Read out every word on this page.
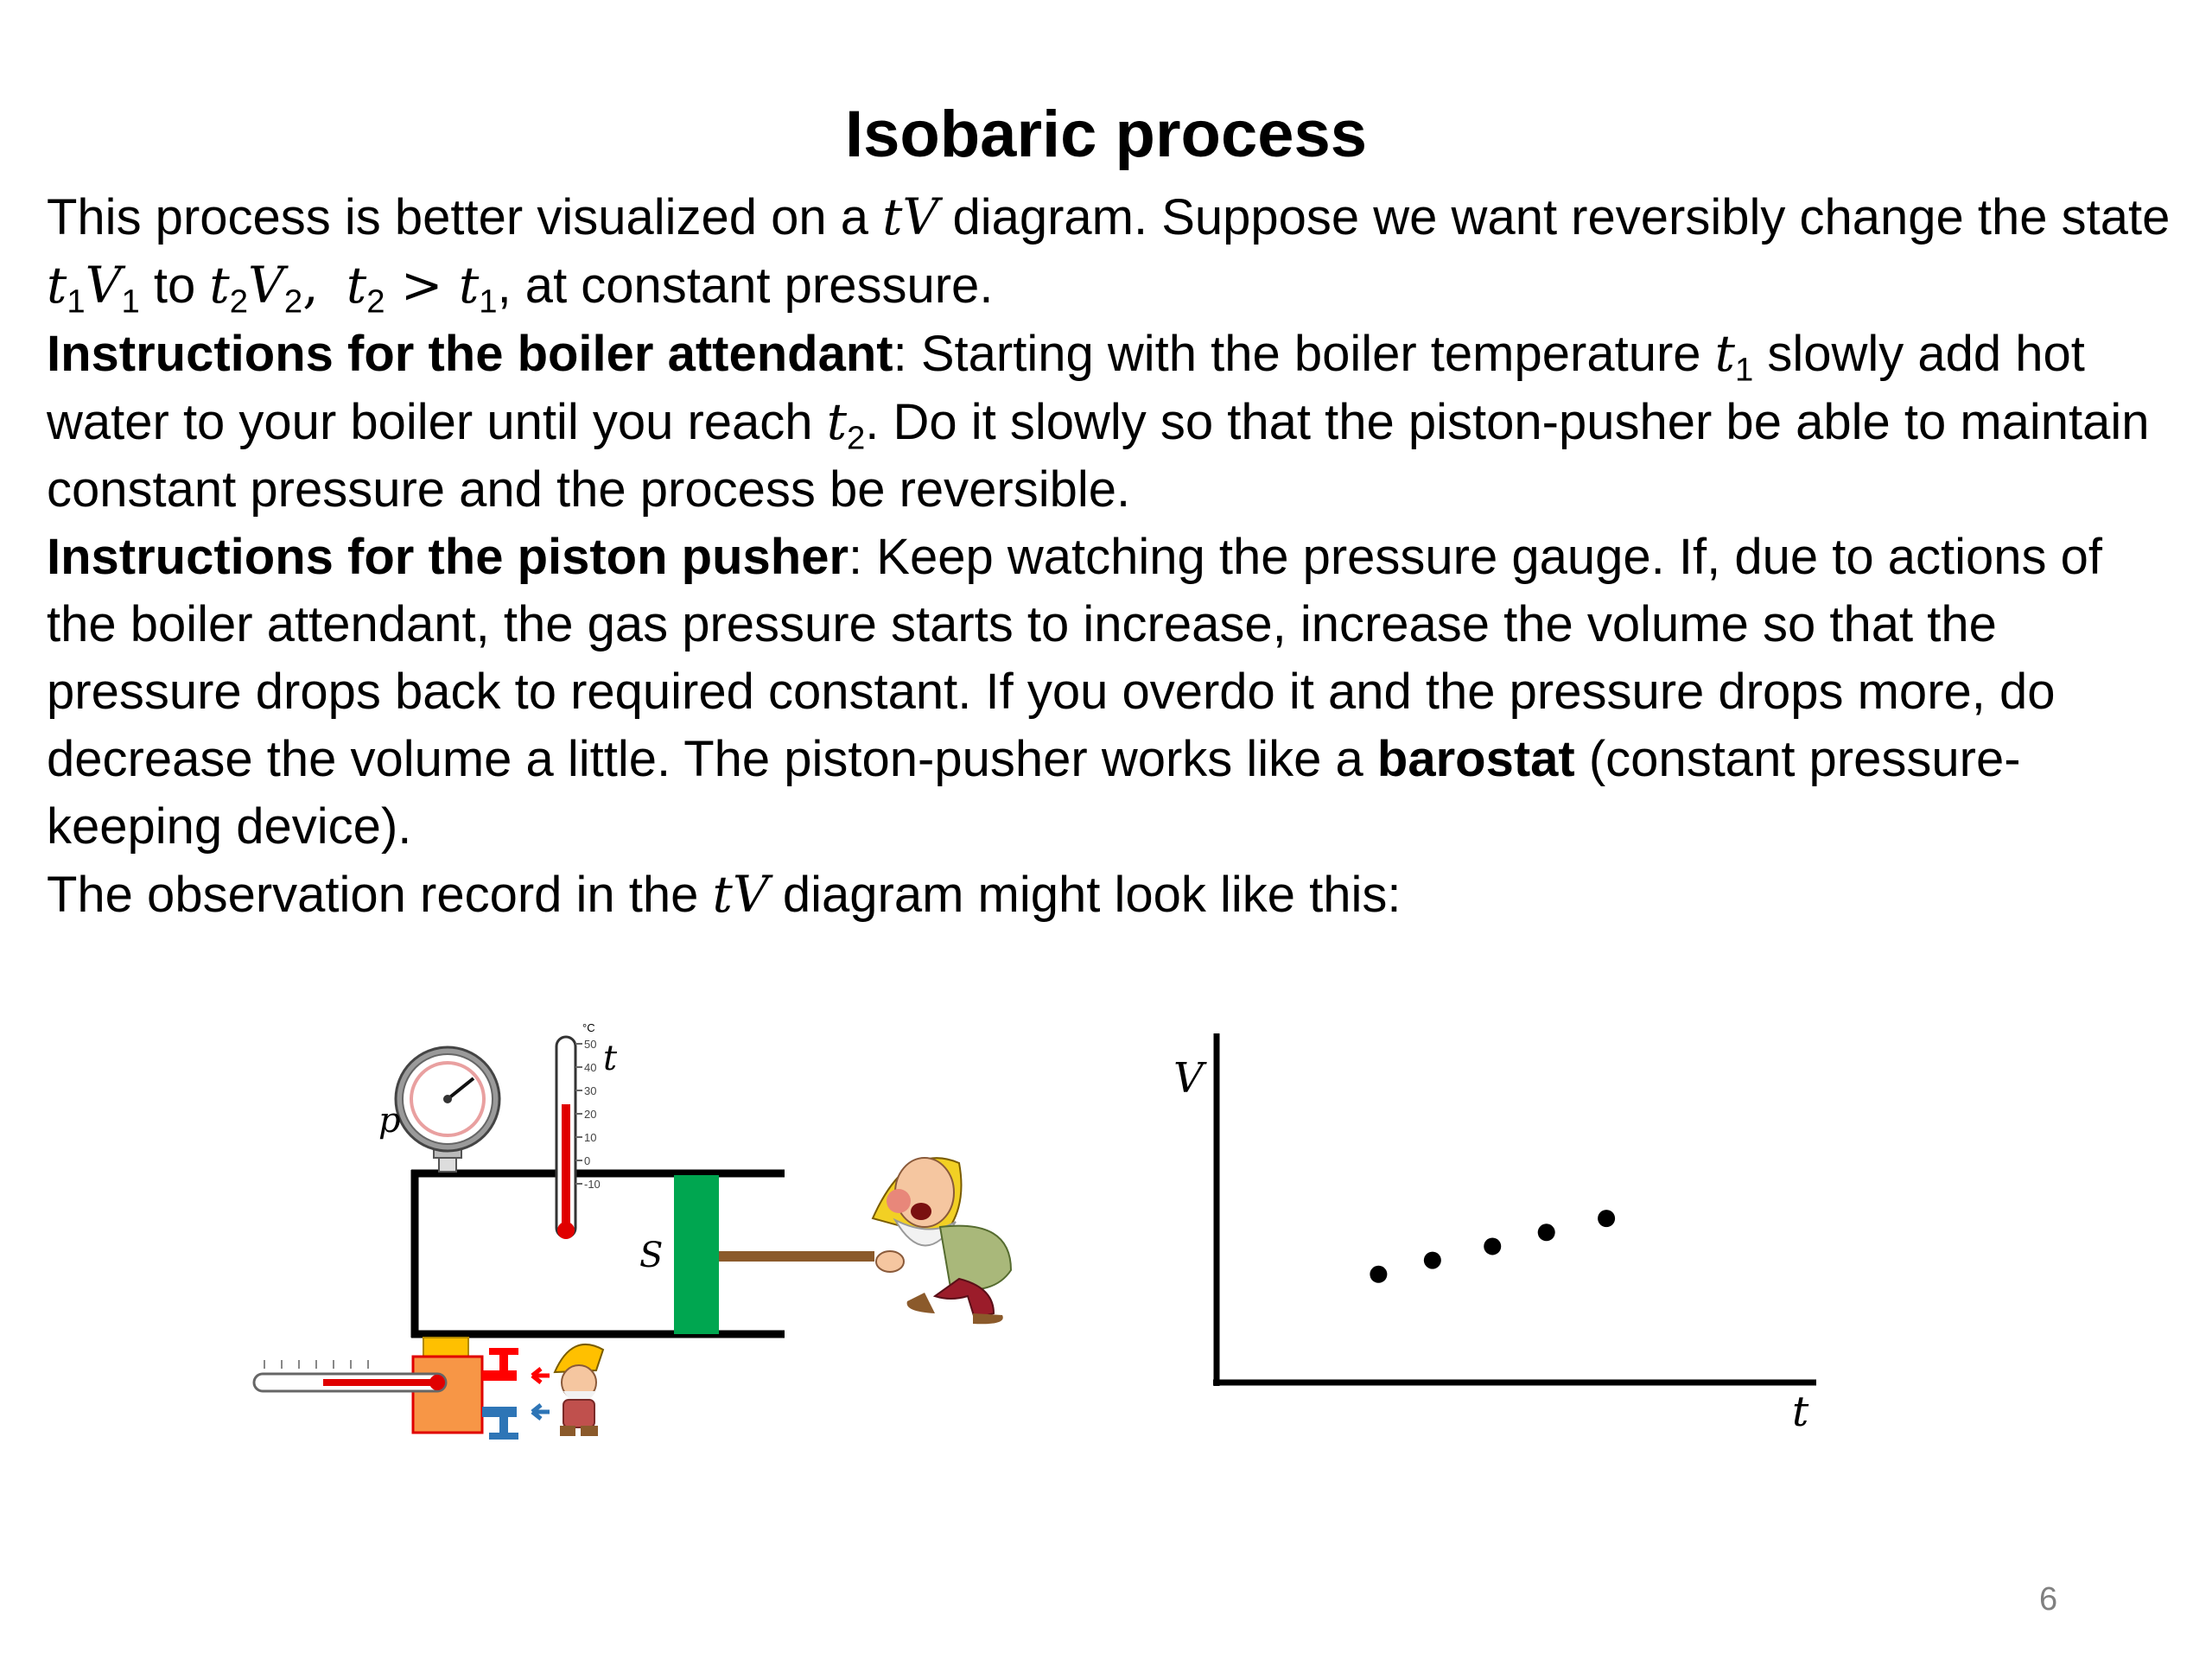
Isobaric process

This process is better visualized on a tV diagram. Suppose we want reversibly change the state $t_1V_1$ to $t_2V_2$, $t_2 > t_1$, at constant pressure.

Instructions for the boiler attendant: Starting with the boiler temperature $t_1$ slowly add hot water to your boiler until you reach $t_2$. Do it slowly so that the piston-pusher be able to maintain constant pressure and the process be reversible.

Instructions for the piston pusher: Keep watching the pressure gauge. If, due to actions of the boiler attendant, the gas pressure starts to increase, increase the volume so that the pressure drops back to required constant. If you overdo it and the pressure drops more, do decrease the volume a little. The piston-pusher works like a barostat (constant pressure-keeping device).

The observation record in the tV diagram might look like this:

p
°C
50
40
30
20
10
0
-10
t
S
V
t

6
